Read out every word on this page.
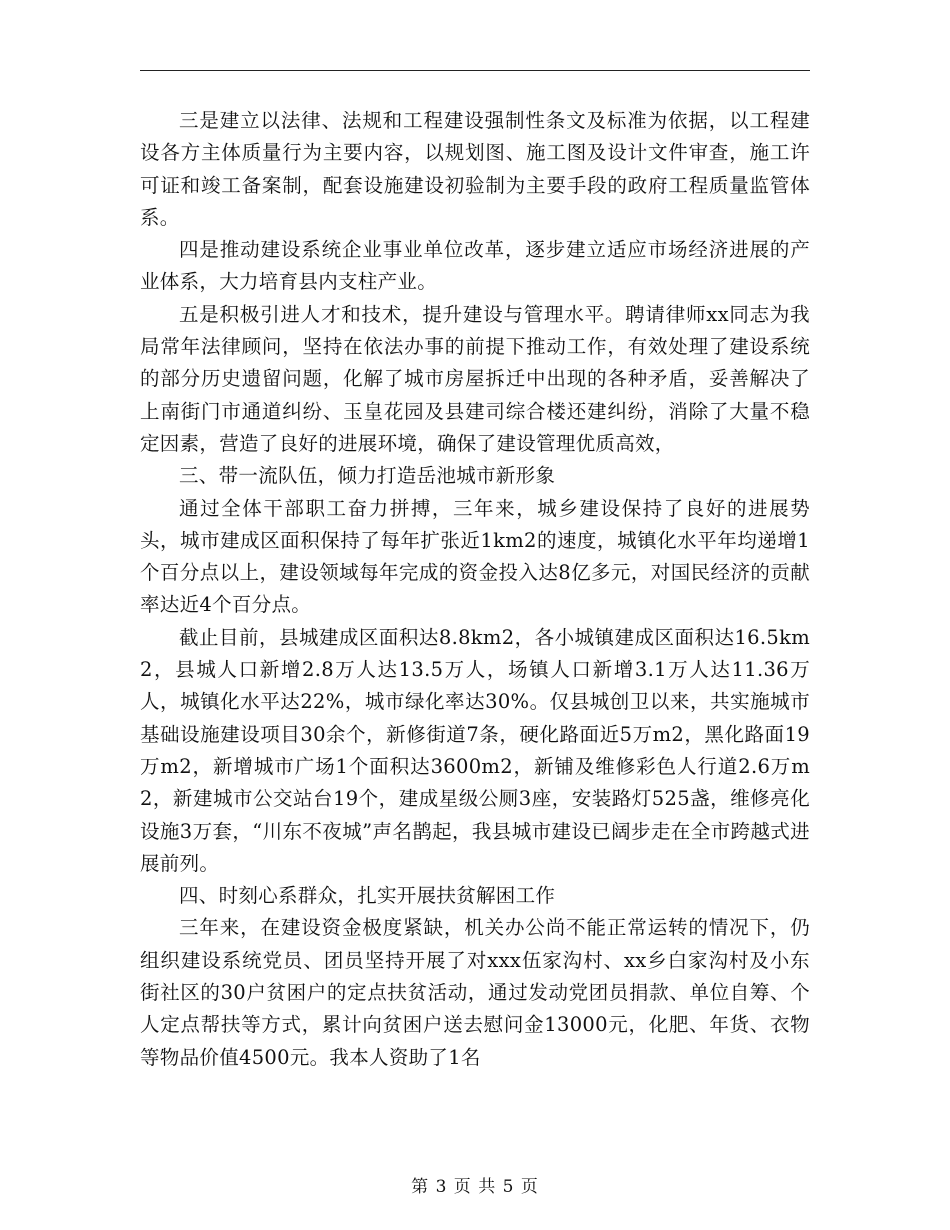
三是建立以法律、法规和工程建设强制性条文及标准为依据，以工程建设各方主体质量行为主要内容，以规划图、施工图及设计文件审查，施工许可证和竣工备案制，配套设施建设初验制为主要手段的政府工程质量监管体系。

四是推动建设系统企业事业单位改革，逐步建立适应市场经济进展的产业体系，大力培育县内支柱产业。

五是积极引进人才和技术，提升建设与管理水平。聘请律师xx同志为我局常年法律顾问，坚持在依法办事的前提下推动工作，有效处理了建设系统的部分历史遗留问题，化解了城市房屋拆迁中出现的各种矛盾，妥善解决了上南街门市通道纠纷、玉皇花园及县建司综合楼还建纠纷，消除了大量不稳定因素，营造了良好的进展环境，确保了建设管理优质高效，

三、带一流队伍，倾力打造岳池城市新形象

通过全体干部职工奋力拼搏，三年来，城乡建设保持了良好的进展势头，城市建成区面积保持了每年扩张近1km2的速度，城镇化水平年均递增1个百分点以上，建设领域每年完成的资金投入达8亿多元，对国民经济的贡献率达近4个百分点。

截止目前，县城建成区面积达8.8km2，各小城镇建成区面积达16.5km2，县城人口新增2.8万人达13.5万人，场镇人口新增3.1万人达11.36万人，城镇化水平达22%，城市绿化率达30%。仅县城创卫以来，共实施城市基础设施建设项目30余个，新修街道7条，硬化路面近5万m2，黑化路面19万m2，新增城市广场1个面积达3600m2，新铺及维修彩色人行道2.6万m2，新建城市公交站台19个，建成星级公厕3座，安装路灯525盏，维修亮化设施3万套，“川东不夜城”声名鹊起，我县城市建设已阔步走在全市跨越式进展前列。

四、时刻心系群众，扎实开展扶贫解困工作

三年来，在建设资金极度紧缺，机关办公尚不能正常运转的情况下，仍组织建设系统党员、团员坚持开展了对xxx伍家沟村、xx乡白家沟村及小东街社区的30户贫困户的定点扶贫活动，通过发动党团员捐款、单位自筹、个人定点帮扶等方式，累计向贫困户送去慰问金13000元，化肥、年货、衣物等物品价值4500元。我本人资助了1名

第 3 页 共 5 页
